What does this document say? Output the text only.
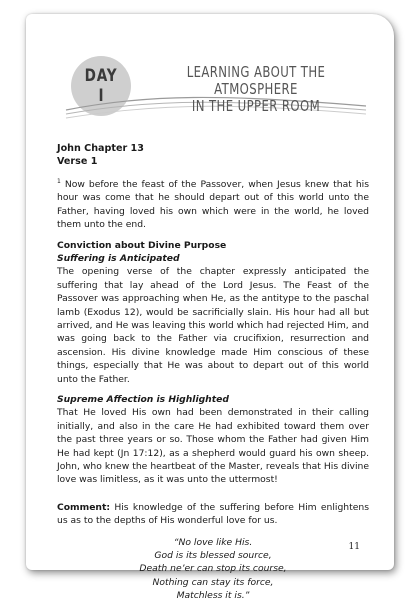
DAY
I
LEARNING ABOUT THE ATMOSPHERE
IN THE UPPER ROOM

John Chapter 13

Verse 1

$^1$ Now before the feast of the Passover, when Jesus knew that his hour was come that he should depart out of this world unto the Father, having loved his own which were in the world, he loved them unto the end.

Conviction about Divine Purpose

Suffering is Anticipated

The opening verse of the chapter expressly anticipated the suffering that lay ahead of the Lord Jesus. The Feast of the Passover was approaching when He, as the antitype to the paschal lamb (Exodus 12), would be sacrificially slain. His hour had all but arrived, and He was leaving this world which had rejected Him, and was going back to the Father via crucifixion, resurrection and ascension. His divine knowledge made Him conscious of these things, especially that He was about to depart out of this world unto the Father.

Supreme Affection is Highlighted

That He loved His own had been demonstrated in their calling initially, and also in the care He had exhibited toward them over the past three years or so. Those whom the Father had given Him He had kept (Jn 17:12), as a shepherd would guard his own sheep. John, who knew the heartbeat of the Master, reveals that His divine love was limitless, as it was unto the uttermost!

Comment: His knowledge of the suffering before Him enlightens us as to the depths of His wonderful love for us.

“No love like His.
God is its blessed source,
Death ne’er can stop its course,
Nothing can stay its force,
Matchless it is.”
11
